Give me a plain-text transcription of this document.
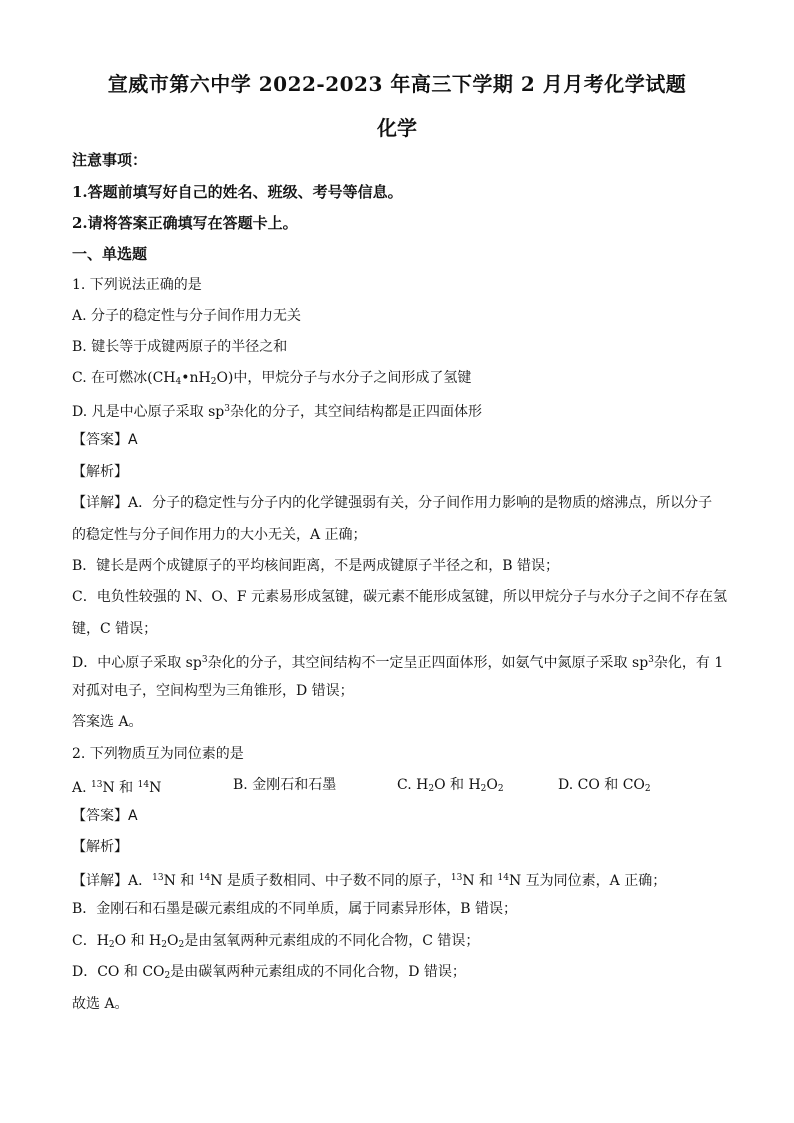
宣威市第六中学 2022-2023 年高三下学期 2 月月考化学试题
化学
注意事项：
1.答题前填写好自己的姓名、班级、考号等信息。
2.请将答案正确填写在答题卡上。
一、单选题
1. 下列说法正确的是
A. 分子的稳定性与分子间作用力无关
B. 键长等于成键两原子的半径之和
C. 在可燃冰$(CH_4•nH_2O)$中，甲烷分子与水分子之间形成了氢键
D. 凡是中心原子采取 $sp^3$杂化的分子，其空间结构都是正四面体形
【答案】A
【解析】
【详解】A．分子的稳定性与分子内的化学键强弱有关，分子间作用力影响的是物质的熔沸点，所以分子
的稳定性与分子间作用力的大小无关，A 正确；
B．键长是两个成键原子的平均核间距离，不是两成键原子半径之和，B 错误；
C．电负性较强的 N、O、F 元素易形成氢键，碳元素不能形成氢键，所以甲烷分子与水分子之间不存在氢
键，C 错误；
D．中心原子采取 $sp^3$杂化的分子，其空间结构不一定呈正四面体形，如氨气中氮原子采取 $sp^3$杂化，有 1
对孤对电子，空间构型为三角锥形，D 错误；
答案选 A。
2. 下列物质互为同位素的是
A. $^{13}$N 和 $^{14}$N	B. 金刚石和石墨	C. $H_2O$ 和 $H_2O_2$	D. CO 和 $CO_2$
【答案】A
【解析】
【详解】A．$^{13}$N 和 $^{14}$N 是质子数相同、中子数不同的原子，$^{13}$N 和 $^{14}$N 互为同位素，A 正确；
B．金刚石和石墨是碳元素组成的不同单质，属于同素异形体，B 错误；
C．$H_2O$ 和 $H_2O_2$是由氢氧两种元素组成的不同化合物，C 错误；
D．CO 和 $CO_2$是由碳氧两种元素组成的不同化合物，D 错误；
故选 A。
